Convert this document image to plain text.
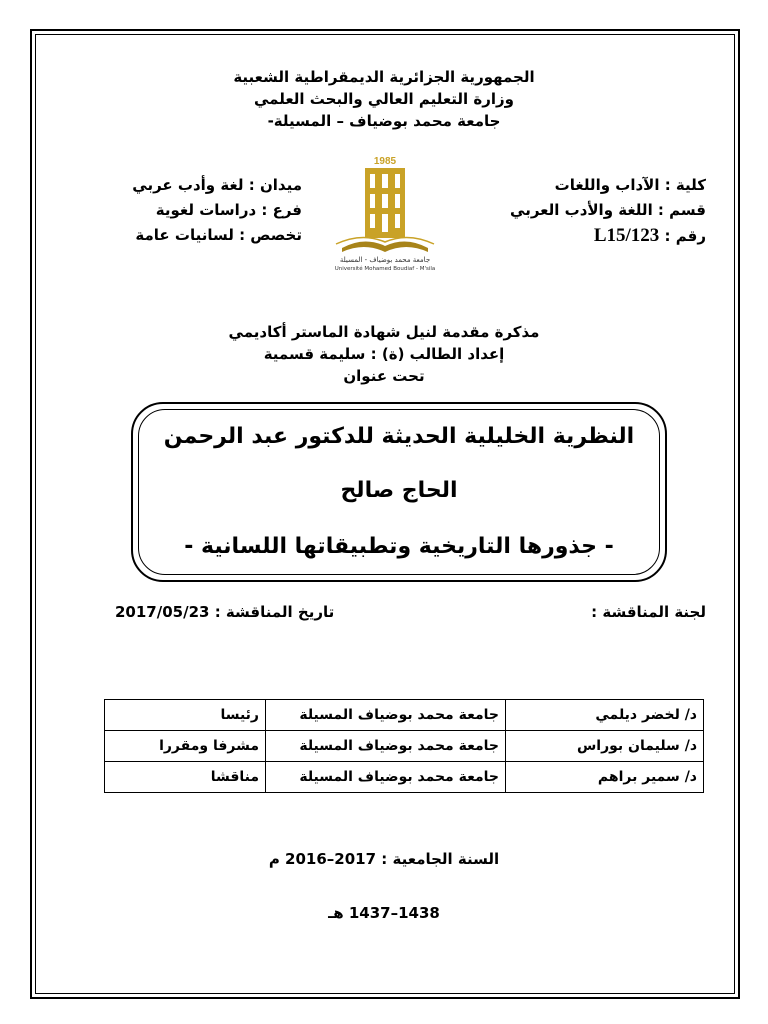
الجمهورية الجزائرية الديمقراطية الشعبية
وزارة التعليم العالي والبحث العلمي
جامعة محمد بوضياف – المسيلة-
كلية : الآداب واللغات
قسم : اللغة والأدب العربي
رقم : L15/123
ميدان : لغة وأدب عربي
فرع : دراسات لغوية
تخصص : لسانيات عامة
1985
جامعة محمد بوضياف - المسيلة
Université Mohamed Boudiaf - M'sila
مذكرة مقدمة لنيل شهادة الماستر أكاديمي
إعداد الطالب (ة) : سليمة قسمية
تحت عنوان
النظرية الخليلية الحديثة للدكتور عبد الرحمن
الحاج صالح
- جذورها التاريخية وتطبيقاتها اللسانية -
لجنة المناقشة :
تاريخ المناقشة : 2017/05/23
د/ لخضر ديلمي	جامعة محمد بوضياف المسيلة	رئيسا
د/ سليمان بوراس	جامعة محمد بوضياف المسيلة	مشرفا ومقررا
د/ سمير براهم	جامعة محمد بوضياف المسيلة	مناقشا
السنة الجامعية : 2016–2017 م
1437–1438 هـ
